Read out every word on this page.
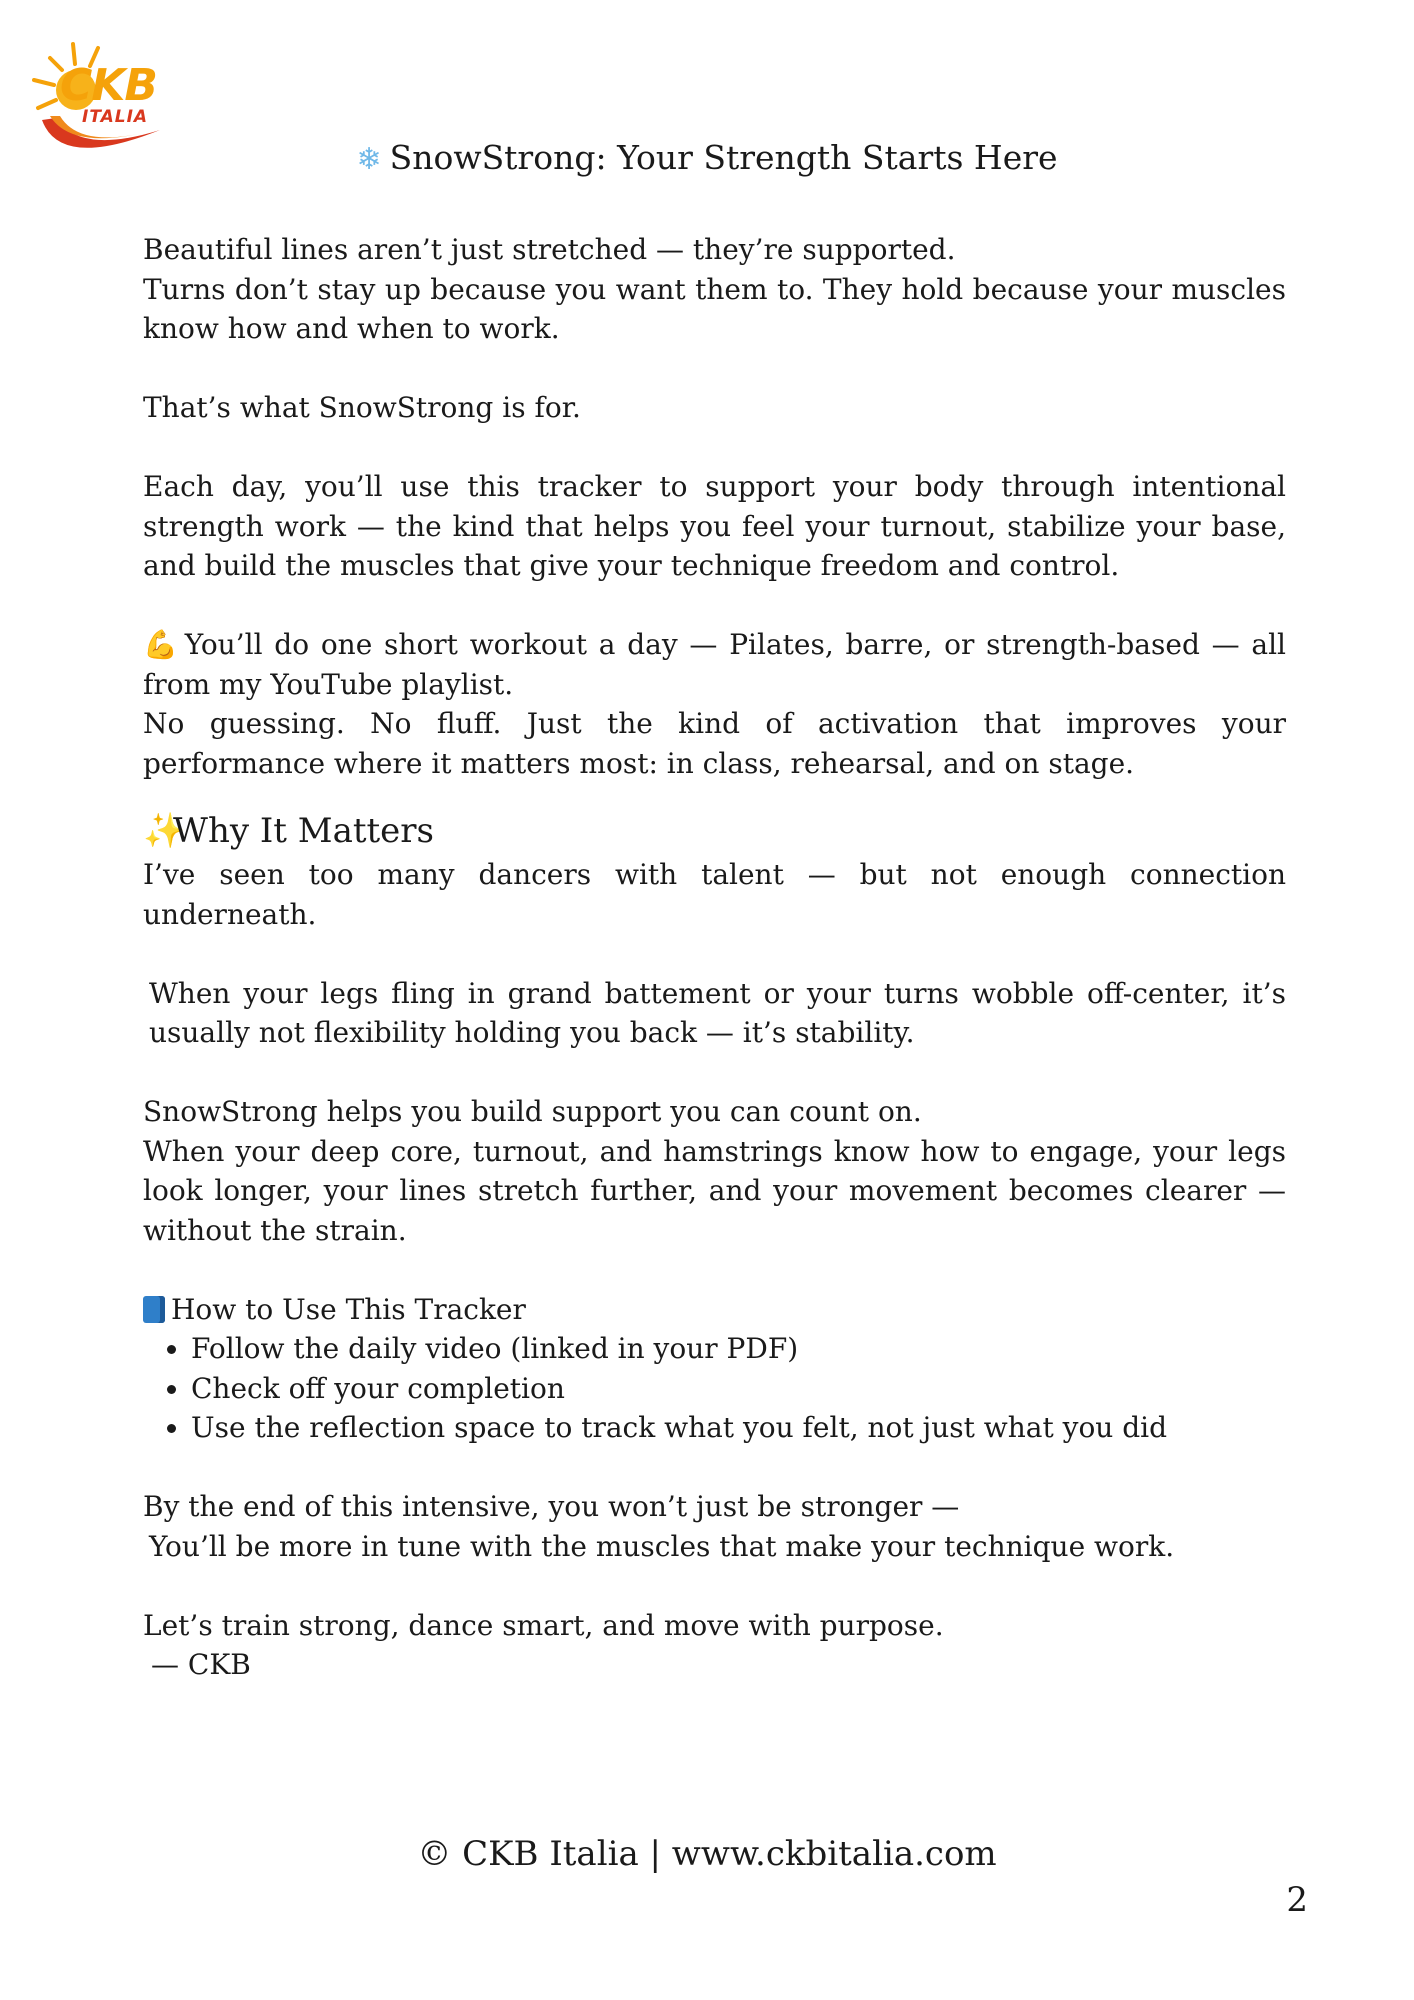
CKB
ITALIA
❄ SnowStrong: Your Strength Starts Here

Beautiful lines aren’t just stretched — they’re supported.

Turns don’t stay up because you want them to. They hold because your muscles know how and when to work.

That’s what SnowStrong is for.

Each day, you’ll use this tracker to support your body through intentional strength work — the kind that helps you feel your turnout, stabilize your base, and build the muscles that give your technique freedom and control.

💪 You’ll do one short workout a day — Pilates, barre, or strength-based — all from my YouTube playlist.

No guessing. No fluff. Just the kind of activation that improves your performance where it matters most: in class, rehearsal, and on stage.

✨Why It Matters

I’ve seen too many dancers with talent — but not enough connection underneath.

When your legs fling in grand battement or your turns wobble off-center, it’s usually not flexibility holding you back — it’s stability.

SnowStrong helps you build support you can count on.

When your deep core, turnout, and hamstrings know how to engage, your legs look longer, your lines stretch further, and your movement becomes clearer — without the strain.

How to Use This Tracker

• Follow the daily video (linked in your PDF)
• Check off your completion
• Use the reflection space to track what you felt, not just what you did

By the end of this intensive, you won’t just be stronger —

You’ll be more in tune with the muscles that make your technique work.

Let’s train strong, dance smart, and move with purpose.

— CKB

© CKB Italia | www.ckbitalia.com
2
